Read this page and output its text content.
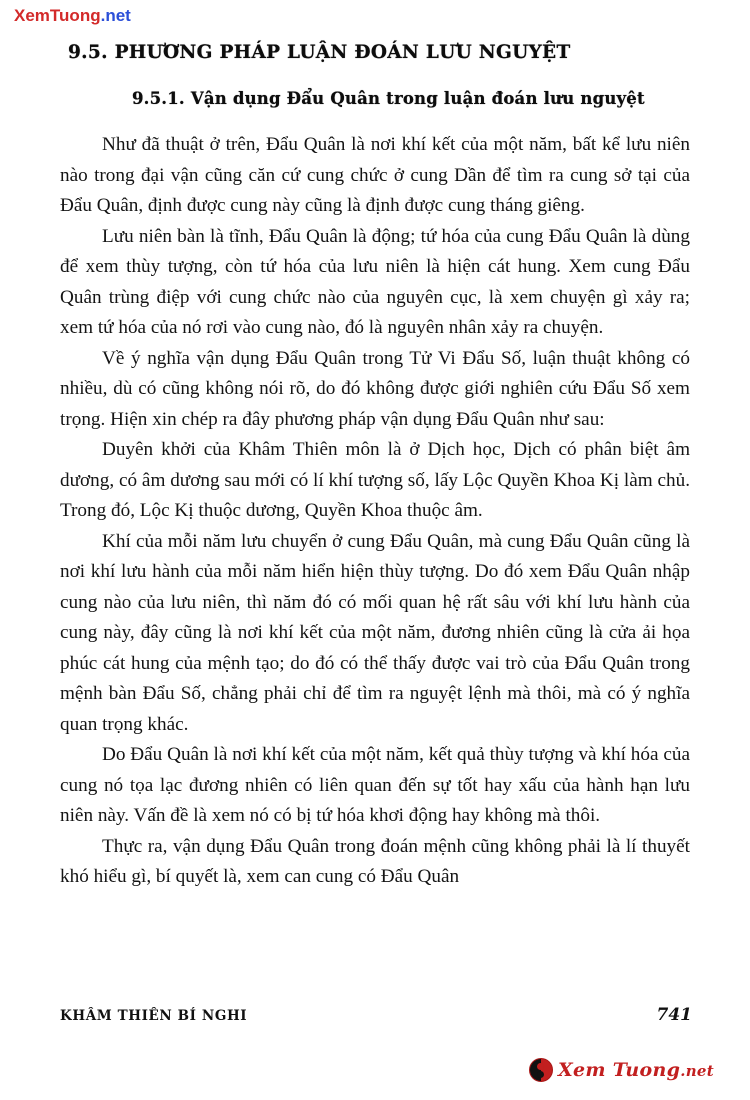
XemTuong.net
9.5. PHƯƠNG PHÁP LUẬN ĐOÁN LƯU NGUYỆT
9.5.1. Vận dụng Đẩu Quân trong luận đoán lưu nguyệt

Như đã thuật ở trên, Đẩu Quân là nơi khí kết của một năm, bất kể lưu niên nào trong đại vận cũng căn cứ cung chức ở cung Dần để tìm ra cung sở tại của Đẩu Quân, định được cung này cũng là định được cung tháng giêng.

Lưu niên bàn là tĩnh, Đẩu Quân là động; tứ hóa của cung Đẩu Quân là dùng để xem thùy tượng, còn tứ hóa của lưu niên là hiện cát hung. Xem cung Đẩu Quân trùng điệp với cung chức nào của nguyên cục, là xem chuyện gì xảy ra; xem tứ hóa của nó rơi vào cung nào, đó là nguyên nhân xảy ra chuyện.

Về ý nghĩa vận dụng Đẩu Quân trong Tử Vi Đẩu Số, luận thuật không có nhiều, dù có cũng không nói rõ, do đó không được giới nghiên cứu Đẩu Số xem trọng. Hiện xin chép ra đây phương pháp vận dụng Đẩu Quân như sau:

Duyên khởi của Khâm Thiên môn là ở Dịch học, Dịch có phân biệt âm dương, có âm dương sau mới có lí khí tượng số, lấy Lộc Quyền Khoa Kị làm chủ. Trong đó, Lộc Kị thuộc dương, Quyền Khoa thuộc âm.

Khí của mỗi năm lưu chuyển ở cung Đẩu Quân, mà cung Đẩu Quân cũng là nơi khí lưu hành của mỗi năm hiển hiện thùy tượng. Do đó xem Đẩu Quân nhập cung nào của lưu niên, thì năm đó có mối quan hệ rất sâu với khí lưu hành của cung này, đây cũng là nơi khí kết của một năm, đương nhiên cũng là cửa ải họa phúc cát hung của mệnh tạo; do đó có thể thấy được vai trò của Đẩu Quân trong mệnh bàn Đẩu Số, chẳng phải chỉ để tìm ra nguyệt lệnh mà thôi, mà có ý nghĩa quan trọng khác.

Do Đẩu Quân là nơi khí kết của một năm, kết quả thùy tượng và khí hóa của cung nó tọa lạc đương nhiên có liên quan đến sự tốt hay xấu của hành hạn lưu niên này. Vấn đề là xem nó có bị tứ hóa khơi động hay không mà thôi.

Thực ra, vận dụng Đẩu Quân trong đoán mệnh cũng không phải là lí thuyết khó hiểu gì, bí quyết là, xem can cung có Đẩu Quân

KHÂM THIÊN BÍ NGHI	741
Xem Tuong.net
